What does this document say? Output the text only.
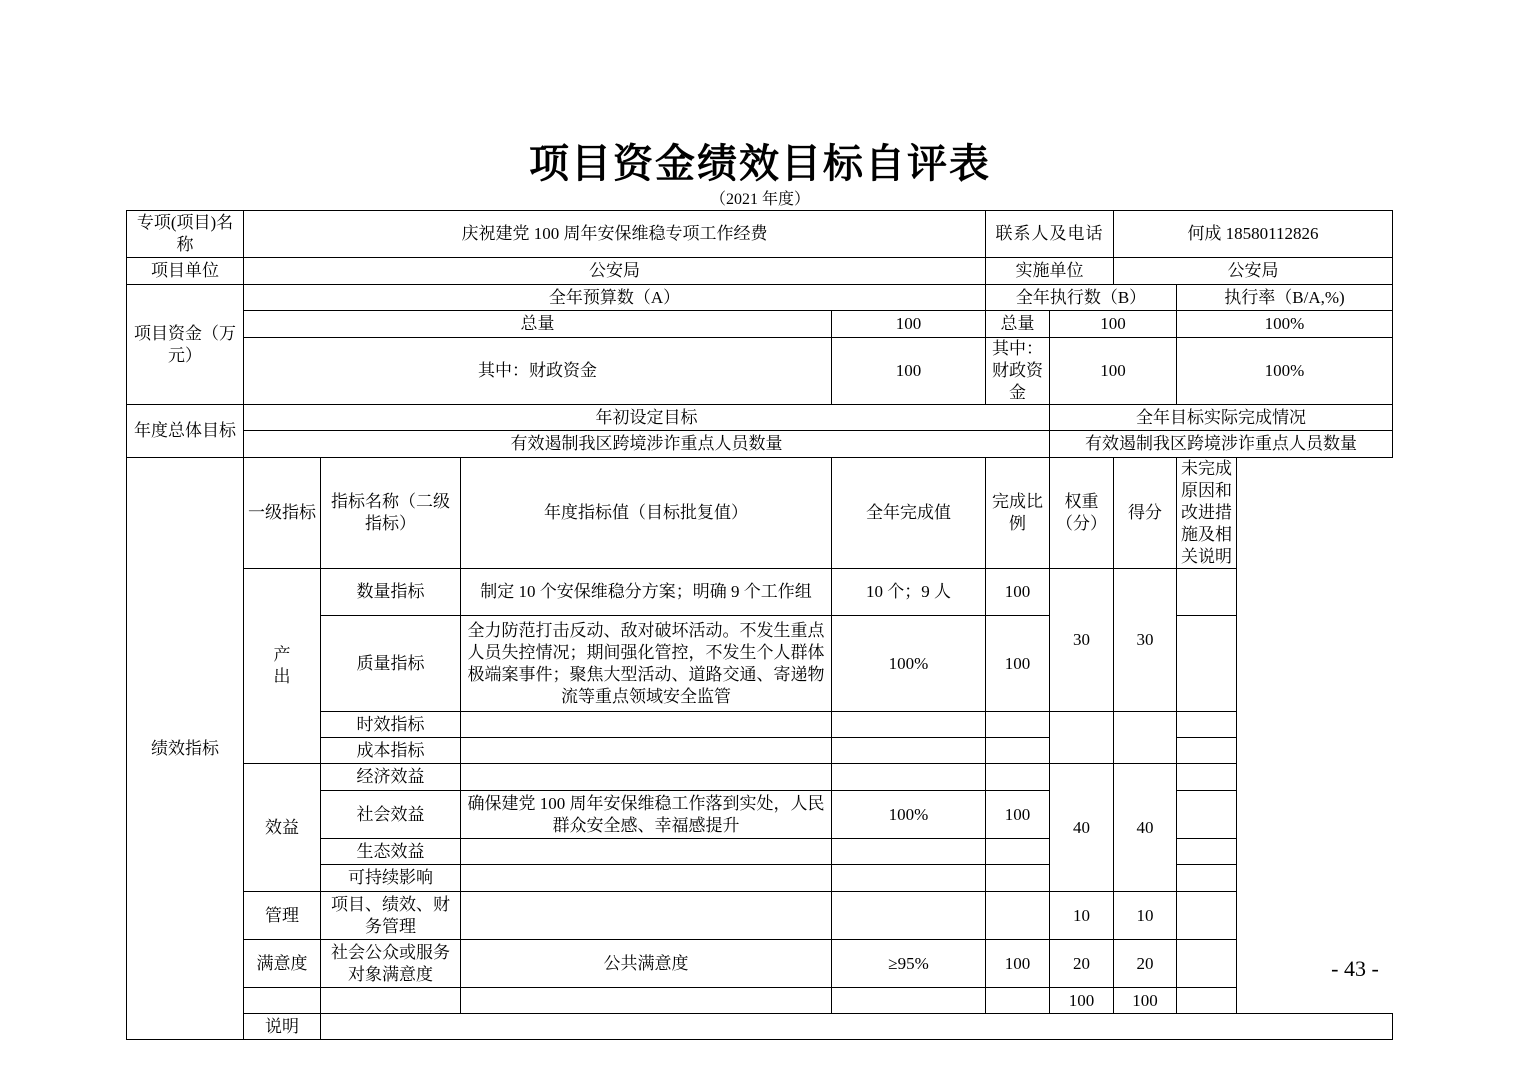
项目资金绩效目标自评表
（2021 年度）
专项(项目)名称	庆祝建党 100 周年安保维稳专项工作经费				联系人及电话		何成 18580112826	
项目单位	公安局				实施单位		公安局	
项目资金（万元）	全年预算数（A）				全年执行数（B）			执行率（B/A,%)
	总量			100	总量	100		100%
	其中：财政资金			100	其中：财政资金	100		100%
年度总体目标	年初设定目标					全年目标实际完成情况		
	有效遏制我区跨境涉诈重点人员数量					有效遏制我区跨境涉诈重点人员数量		
绩效指标	一级指标	指标名称（二级指标）	年度指标值（目标批复值）	全年完成值	完成比例	权重（分）	得分	未完成原因和改进措施及相关说明
	产出	数量指标	制定 10 个安保维稳分方案；明确 9 个工作组	10 个；9 人	100	30	30	
		质量指标	全力防范打击反动、敌对破坏活动。不发生重点人员失控情况；期间强化管控，不发生个人群体极端案事件；聚焦大型活动、道路交通、寄递物流等重点领域安全监管	100%	100			
		时效指标						
		成本指标						
	效益	经济效益				40	40	
		社会效益	确保建党 100 周年安保维稳工作落到实处，人民群众安全感、幸福感提升	100%	100			
		生态效益						
		可持续影响						
	管理	项目、绩效、财务管理				10	10	
	满意度	社会公众或服务对象满意度	公共满意度	≥95%	100	20	20	
						100	100	
	说明							
- 43 -
